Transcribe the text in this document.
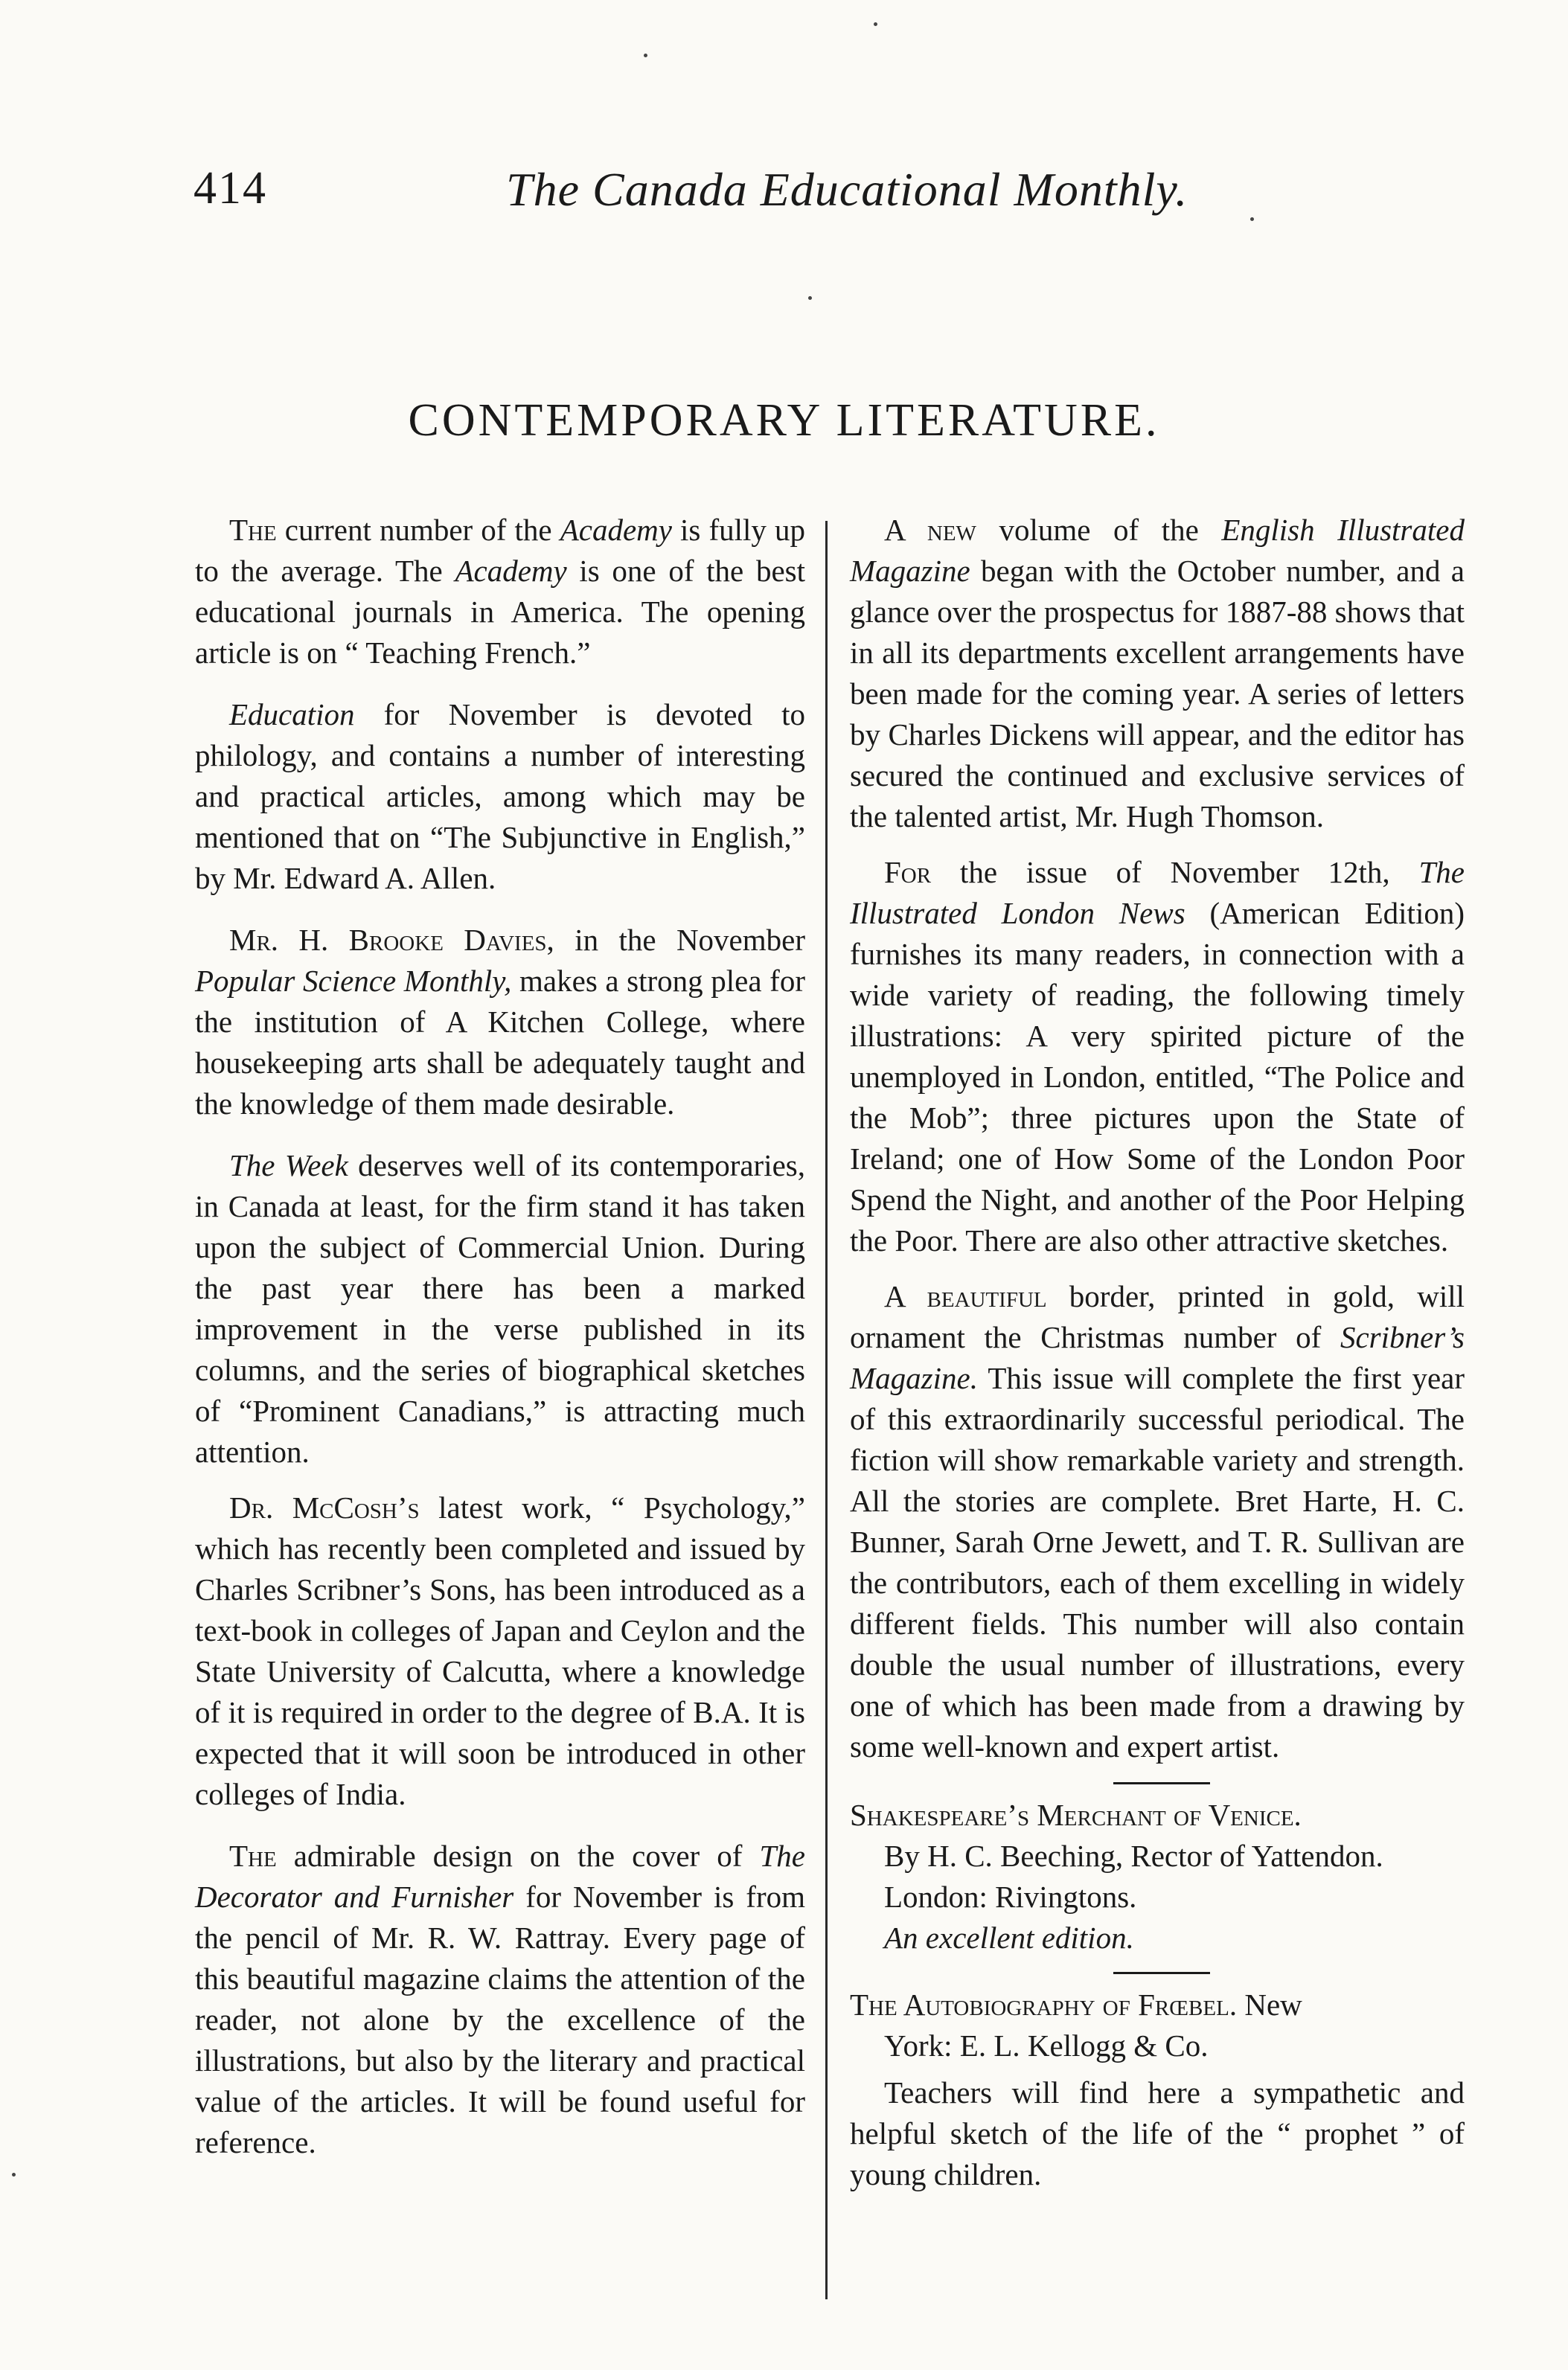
414	The Canada Educational Monthly.
CONTEMPORARY LITERATURE.

The current number of the Academy is fully up to the average. The Academy is one of the best educational journals in America. The opening article is on “ Teaching French.”

Education for November is devoted to philology, and contains a number of interesting and practical articles, among which may be mentioned that on “The Subjunctive in English,” by Mr. Edward A. Allen.

Mr. H. Brooke Davies, in the November Popular Science Monthly, makes a strong plea for the institution of A Kitchen College, where housekeeping arts shall be adequately taught and the knowledge of them made desirable.

The Week deserves well of its contemporaries, in Canada at least, for the firm stand it has taken upon the subject of Commercial Union. During the past year there has been a marked improvement in the verse published in its columns, and the series of biographical sketches of “Prominent Canadians,” is attracting much attention.

Dr. McCosh’s latest work, “ Psychology,” which has recently been completed and issued by Charles Scribner’s Sons, has been introduced as a text-book in colleges of Japan and Ceylon and the State University of Calcutta, where a knowledge of it is required in order to the degree of B.A. It is expected that it will soon be introduced in other colleges of India.

The admirable design on the cover of The Decorator and Furnisher for November is from the pencil of Mr. R. W. Rattray. Every page of this beautiful magazine claims the attention of the reader, not alone by the excellence of the illustrations, but also by the literary and practical value of the articles. It will be found useful for reference.

A new volume of the English Illustrated Magazine began with the October number, and a glance over the prospectus for 1887-88 shows that in all its departments excellent arrangements have been made for the coming year. A series of letters by Charles Dickens will appear, and the editor has secured the continued and exclusive services of the talented artist, Mr. Hugh Thomson.

For the issue of November 12th, The Illustrated London News (American Edition) furnishes its many readers, in connection with a wide variety of reading, the following timely illustrations: A very spirited picture of the unemployed in London, entitled, “The Police and the Mob”; three pictures upon the State of Ireland; one of How Some of the London Poor Spend the Night, and another of the Poor Helping the Poor. There are also other attractive sketches.

A beautiful border, printed in gold, will ornament the Christmas number of Scribner’s Magazine. This issue will complete the first year of this extraordinarily successful periodical. The fiction will show remarkable variety and strength. All the stories are complete. Bret Harte, H. C. Bunner, Sarah Orne Jewett, and T. R. Sullivan are the contributors, each of them excelling in widely different fields. This number will also contain double the usual number of illustrations, every one of which has been made from a drawing by some well-known and expert artist.

Shakespeare’s Merchant of Venice.

By H. C. Beeching, Rector of Yattendon.

London: Rivingtons.

An excellent edition.

The Autobiography of Frœbel. New

York: E. L. Kellogg & Co.

Teachers will find here a sympathetic and helpful sketch of the life of the “ prophet ” of young children.
